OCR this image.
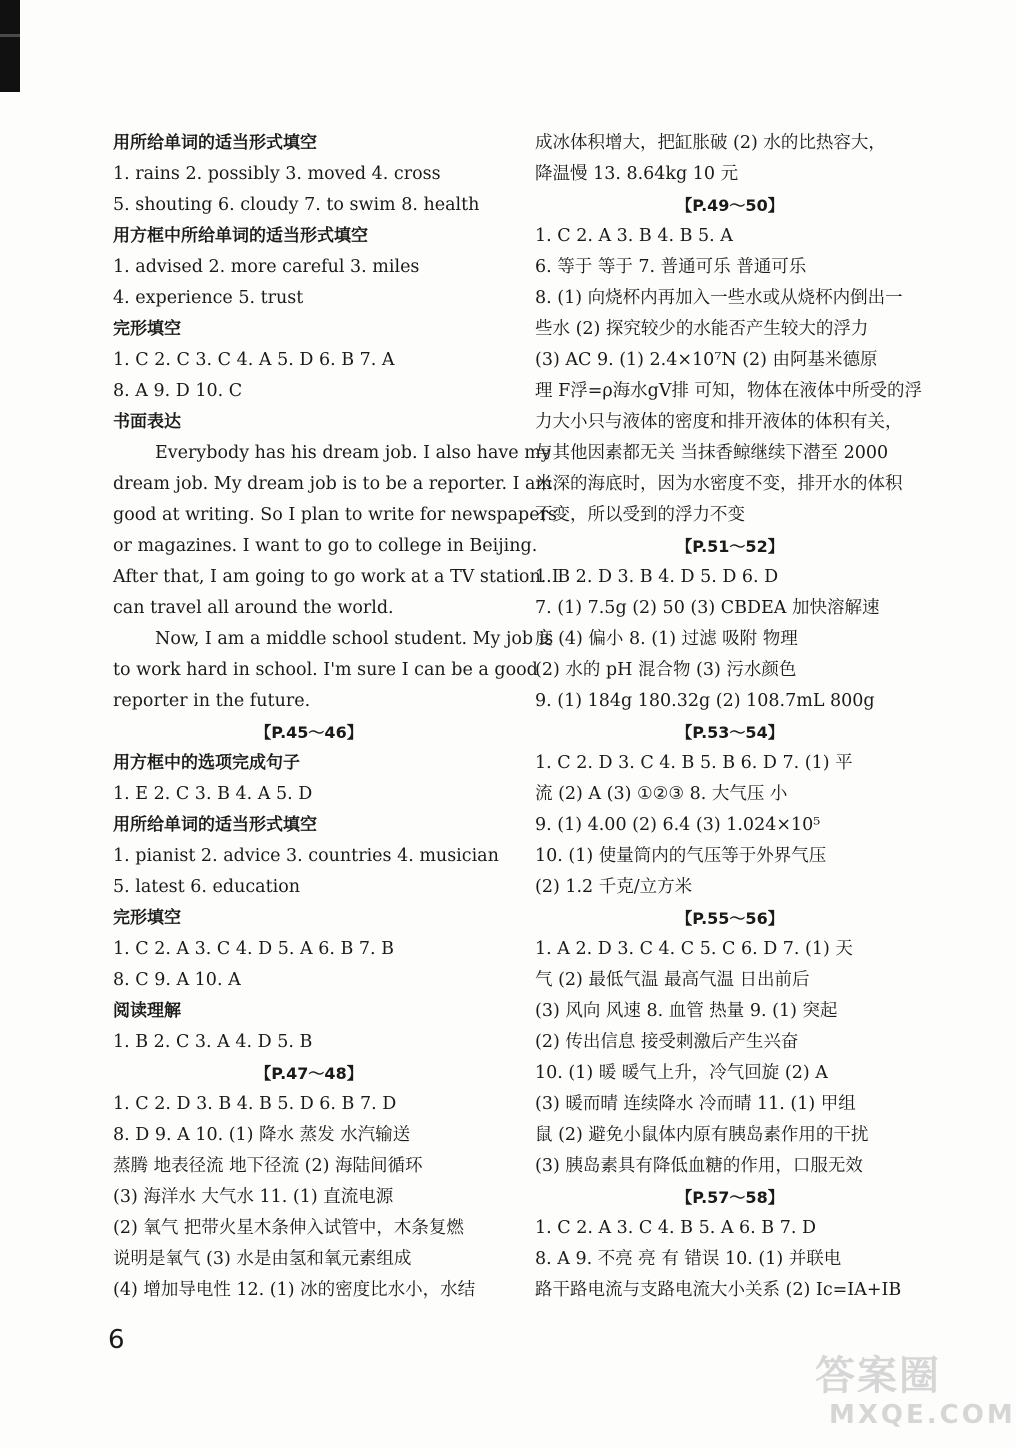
用所给单词的适当形式填空
1. rains 2. possibly 3. moved 4. cross
5. shouting 6. cloudy 7. to swim 8. health
用方框中所给单词的适当形式填空
1. advised 2. more careful 3. miles
4. experience 5. trust
完形填空
1. C 2. C 3. C 4. A 5. D 6. B 7. A
8. A 9. D 10. C
书面表达
Everybody has his dream job. I also have my
dream job. My dream job is to be a reporter. I am
good at writing. So I plan to write for newspapers
or magazines. I want to go to college in Beijing.
After that, I am going to go work at a TV station. I
can travel all around the world.
Now, I am a middle school student. My job is
to work hard in school. I'm sure I can be a good
reporter in the future.
【P.45～46】
用方框中的选项完成句子
1. E 2. C 3. B 4. A 5. D
用所给单词的适当形式填空
1. pianist 2. advice 3. countries 4. musician
5. latest 6. education
完形填空
1. C 2. A 3. C 4. D 5. A 6. B 7. B
8. C 9. A 10. A
阅读理解
1. B 2. C 3. A 4. D 5. B
【P.47～48】
1. C 2. D 3. B 4. B 5. D 6. B 7. D
8. D 9. A 10. (1) 降水 蒸发 水汽输送
蒸腾 地表径流 地下径流 (2) 海陆间循环
(3) 海洋水 大气水 11. (1) 直流电源
(2) 氧气 把带火星木条伸入试管中，木条复燃
说明是氧气 (3) 水是由氢和氧元素组成
(4) 增加导电性 12. (1) 冰的密度比水小，水结
成冰体积增大，把缸胀破 (2) 水的比热容大，
降温慢 13. 8.64kg 10 元
【P.49～50】
1. C 2. A 3. B 4. B 5. A
6. 等于 等于 7. 普通可乐 普通可乐
8. (1) 向烧杯内再加入一些水或从烧杯内倒出一
些水 (2) 探究较少的水能否产生较大的浮力
(3) AC 9. (1) 2.4×10⁷N (2) 由阿基米德原
理 F浮=ρ海水gV排 可知，物体在液体中所受的浮
力大小只与液体的密度和排开液体的体积有关，
与其他因素都无关 当抹香鲸继续下潜至 2000
米深的海底时，因为水密度不变，排开水的体积
不变，所以受到的浮力不变
【P.51～52】
1. B 2. D 3. B 4. D 5. D 6. D
7. (1) 7.5g (2) 50 (3) CBDEA 加快溶解速
度 (4) 偏小 8. (1) 过滤 吸附 物理
(2) 水的 pH 混合物 (3) 污水颜色
9. (1) 184g 180.32g (2) 108.7mL 800g
【P.53～54】
1. C 2. D 3. C 4. B 5. B 6. D 7. (1) 平
流 (2) A (3) ①②③ 8. 大气压 小
9. (1) 4.00 (2) 6.4 (3) 1.024×10⁵
10. (1) 使量筒内的气压等于外界气压
(2) 1.2 千克/立方米
【P.55～56】
1. A 2. D 3. C 4. C 5. C 6. D 7. (1) 天
气 (2) 最低气温 最高气温 日出前后
(3) 风向 风速 8. 血管 热量 9. (1) 突起
(2) 传出信息 接受刺激后产生兴奋
10. (1) 暖 暖气上升，冷气回旋 (2) A
(3) 暖而晴 连续降水 冷而晴 11. (1) 甲组
鼠 (2) 避免小鼠体内原有胰岛素作用的干扰
(3) 胰岛素具有降低血糖的作用，口服无效
【P.57～58】
1. C 2. A 3. C 4. B 5. A 6. B 7. D
8. A 9. 不亮 亮 有 错误 10. (1) 并联电
路干路电流与支路电流大小关系 (2) Ic=IA+IB
6
答案圈
MXQE.COM
